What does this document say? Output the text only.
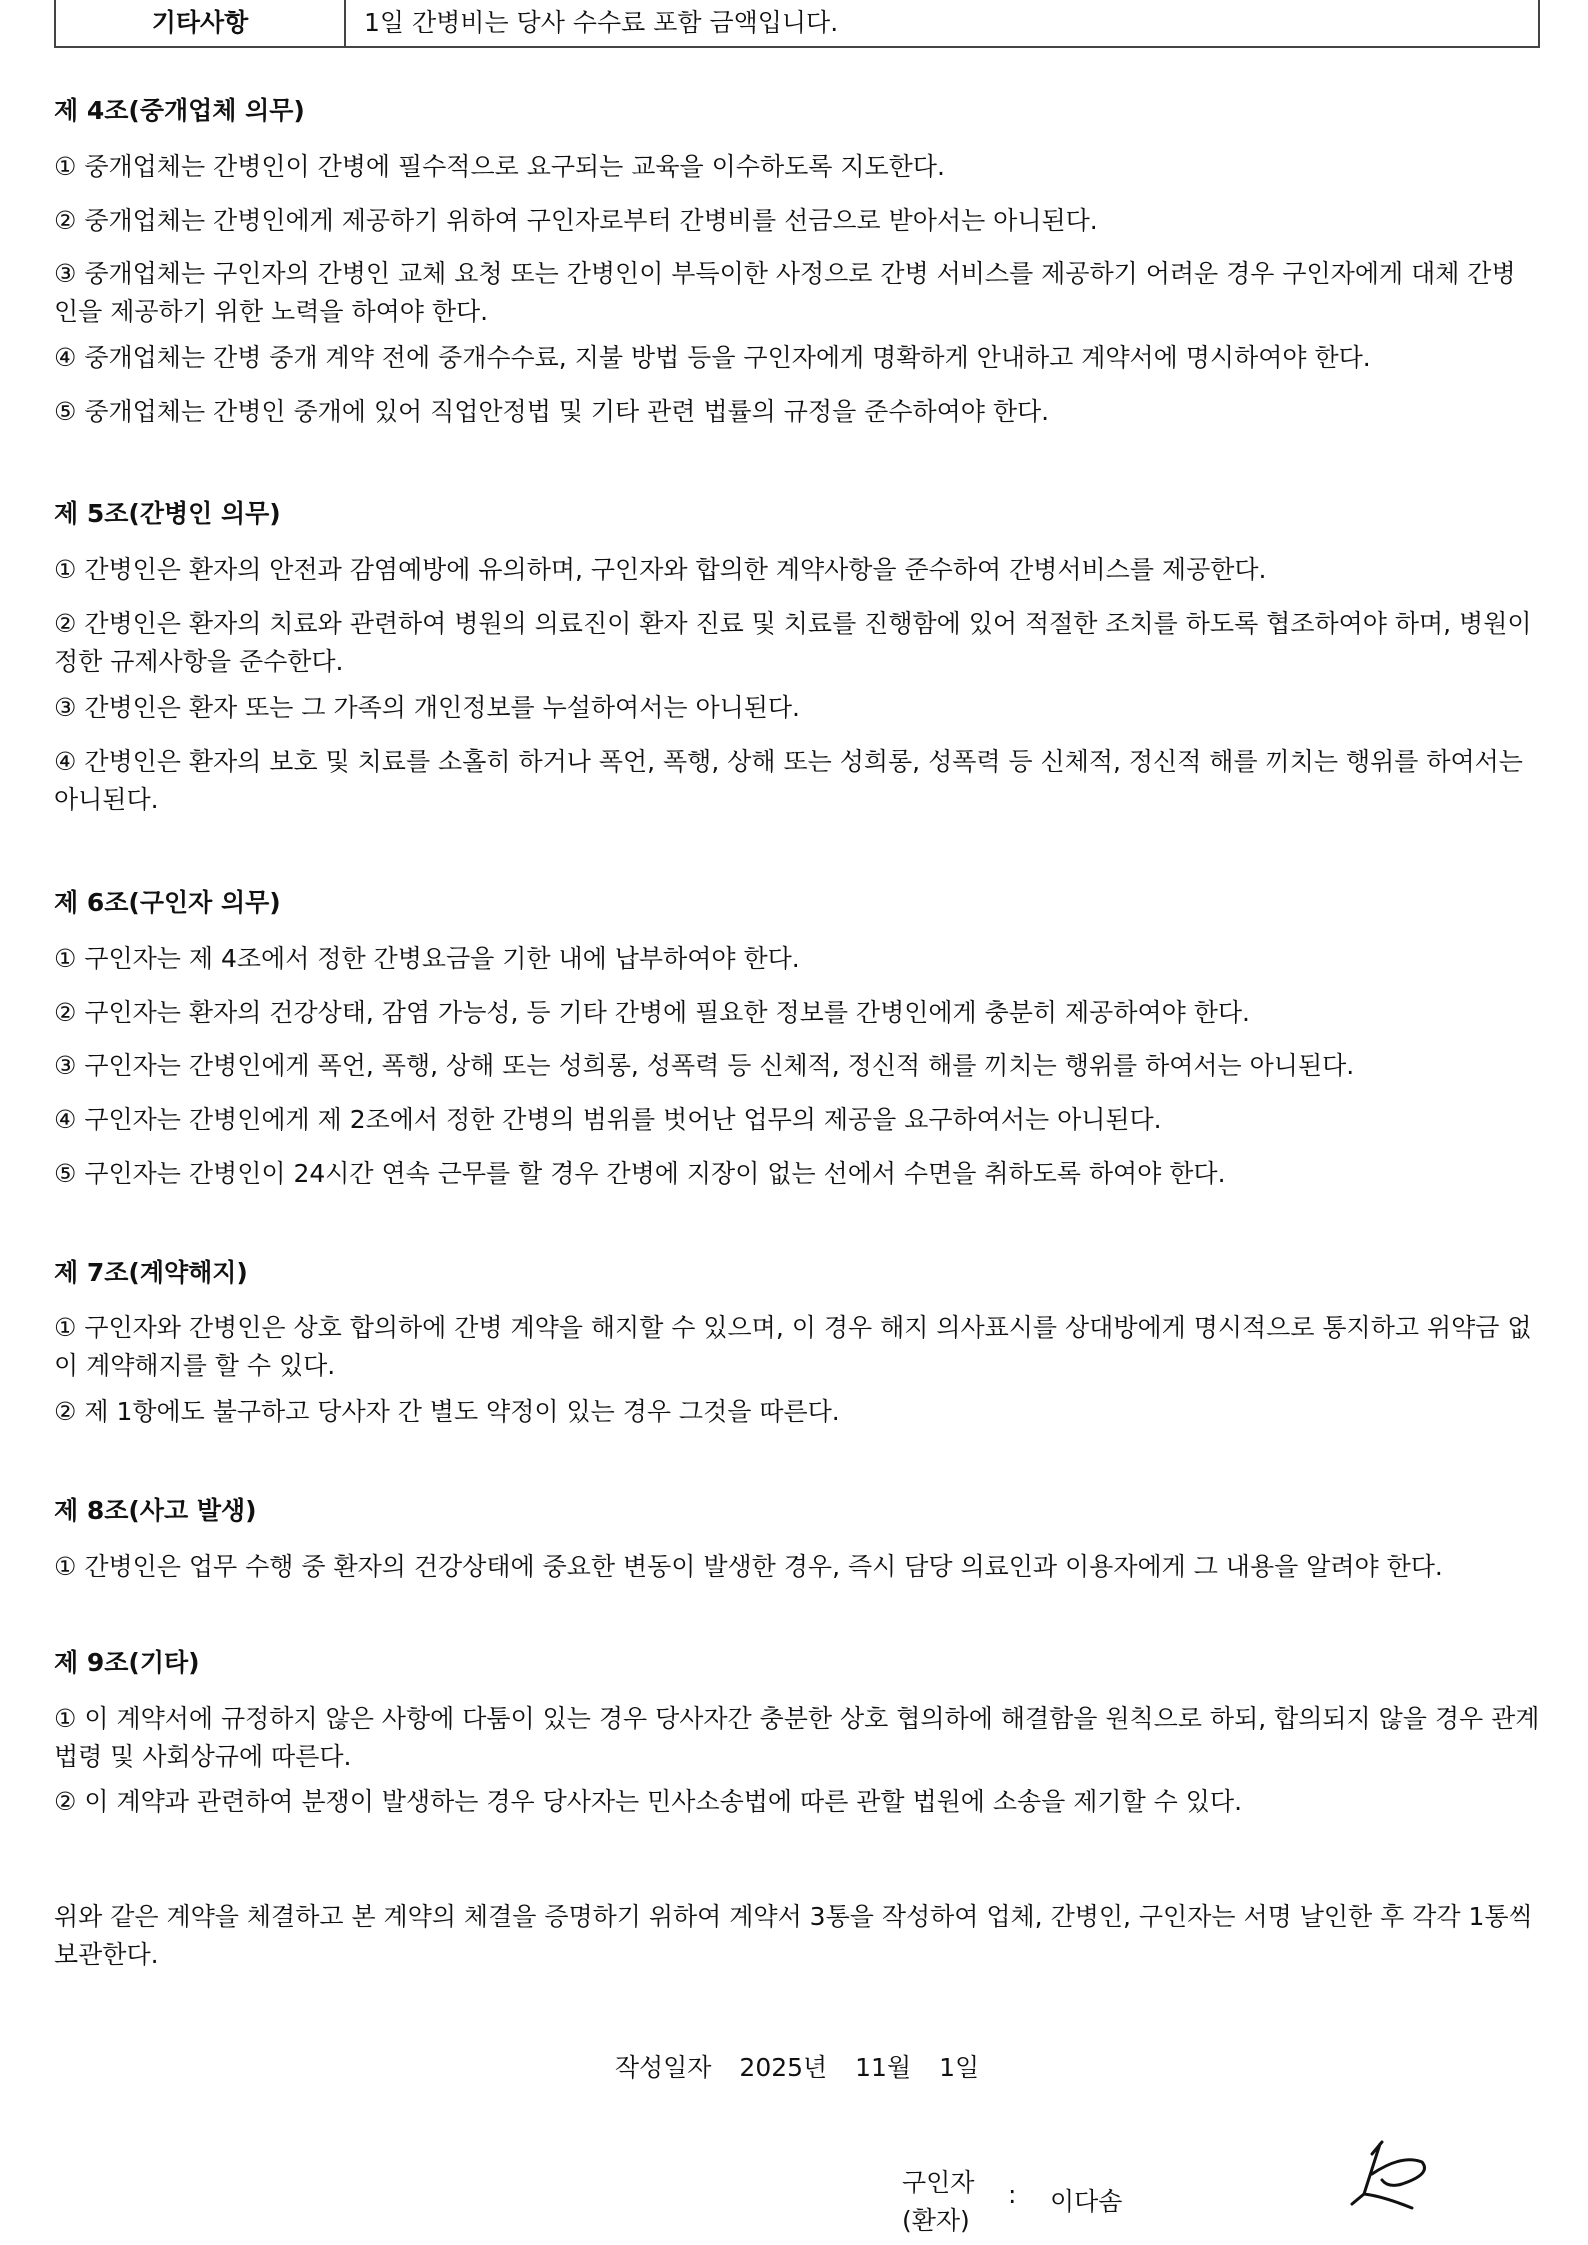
기타사항	1일 간병비는 당사 수수료 포함 금액입니다.
제 4조(중개업체 의무)
① 중개업체는 간병인이 간병에 필수적으로 요구되는 교육을 이수하도록 지도한다.
② 중개업체는 간병인에게 제공하기 위하여 구인자로부터 간병비를 선금으로 받아서는 아니된다.
③ 중개업체는 구인자의 간병인 교체 요청 또는 간병인이 부득이한 사정으로 간병 서비스를 제공하기 어려운 경우 구인자에게 대체 간병
인을 제공하기 위한 노력을 하여야 한다.
④ 중개업체는 간병 중개 계약 전에 중개수수료, 지불 방법 등을 구인자에게 명확하게 안내하고 계약서에 명시하여야 한다.
⑤ 중개업체는 간병인 중개에 있어 직업안정법 및 기타 관련 법률의 규정을 준수하여야 한다.
제 5조(간병인 의무)
① 간병인은 환자의 안전과 감염예방에 유의하며, 구인자와 합의한 계약사항을 준수하여 간병서비스를 제공한다.
② 간병인은 환자의 치료와 관련하여 병원의 의료진이 환자 진료 및 치료를 진행함에 있어 적절한 조치를 하도록 협조하여야 하며, 병원이
정한 규제사항을 준수한다.
③ 간병인은 환자 또는 그 가족의 개인정보를 누설하여서는 아니된다.
④ 간병인은 환자의 보호 및 치료를 소홀히 하거나 폭언, 폭행, 상해 또는 성희롱, 성폭력 등 신체적, 정신적 해를 끼치는 행위를 하여서는
아니된다.
제 6조(구인자 의무)
① 구인자는 제 4조에서 정한 간병요금을 기한 내에 납부하여야 한다.
② 구인자는 환자의 건강상태, 감염 가능성, 등 기타 간병에 필요한 정보를 간병인에게 충분히 제공하여야 한다.
③ 구인자는 간병인에게 폭언, 폭행, 상해 또는 성희롱, 성폭력 등 신체적, 정신적 해를 끼치는 행위를 하여서는 아니된다.
④ 구인자는 간병인에게 제 2조에서 정한 간병의 범위를 벗어난 업무의 제공을 요구하여서는 아니된다.
⑤ 구인자는 간병인이 24시간 연속 근무를 할 경우 간병에 지장이 없는 선에서 수면을 취하도록 하여야 한다.
제 7조(계약해지)
① 구인자와 간병인은 상호 합의하에 간병 계약을 해지할 수 있으며, 이 경우 해지 의사표시를 상대방에게 명시적으로 통지하고 위약금 없
이 계약해지를 할 수 있다.
② 제 1항에도 불구하고 당사자 간 별도 약정이 있는 경우 그것을 따른다.
제 8조(사고 발생)
① 간병인은 업무 수행 중 환자의 건강상태에 중요한 변동이 발생한 경우, 즉시 담당 의료인과 이용자에게 그 내용을 알려야 한다.
제 9조(기타)
① 이 계약서에 규정하지 않은 사항에 다툼이 있는 경우 당사자간 충분한 상호 협의하에 해결함을 원칙으로 하되, 합의되지 않을 경우 관계
법령 및 사회상규에 따른다.
② 이 계약과 관련하여 분쟁이 발생하는 경우 당사자는 민사소송법에 따른 관할 법원에 소송을 제기할 수 있다.
위와 같은 계약을 체결하고 본 계약의 체결을 증명하기 위하여 계약서 3통을 작성하여 업체, 간병인, 구인자는 서명 날인한 후 각각 1통씩
보관한다.
작성일자 2025년 11월 1일
구인자
(환자)
: 이다솜
